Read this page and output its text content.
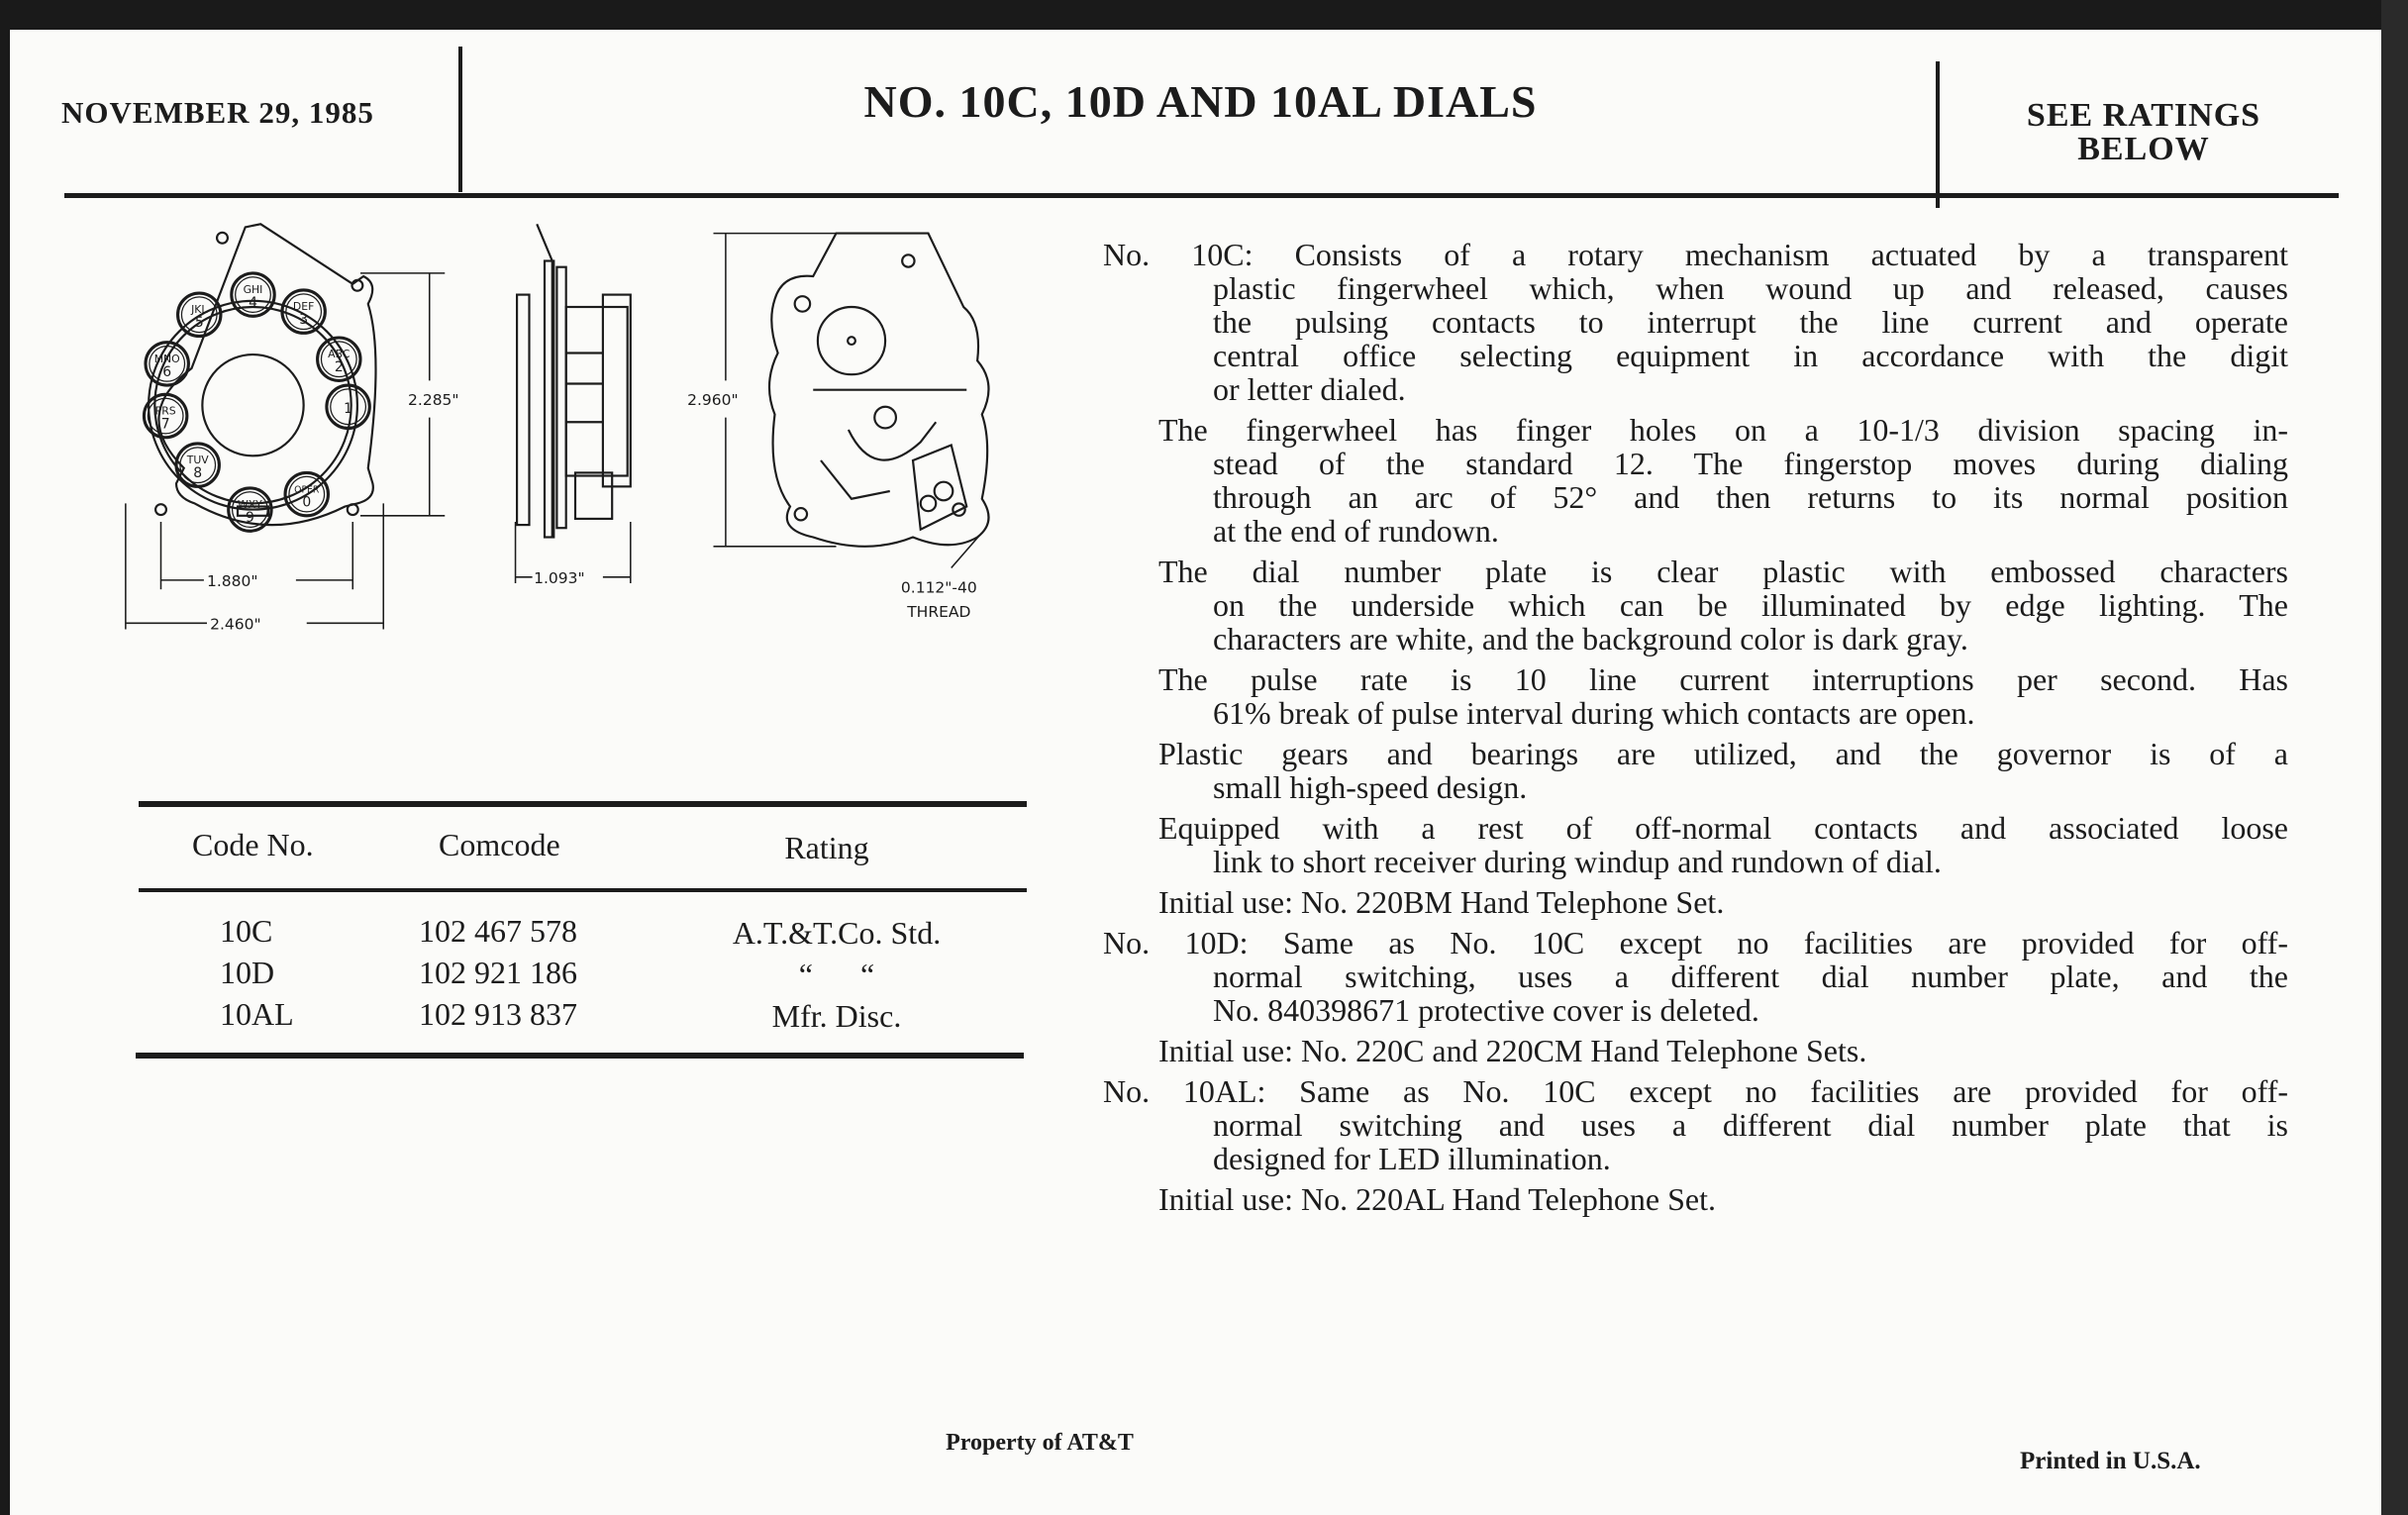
NOVEMBER 29, 1985	NO. 10C, 10D AND 10AL DIALS	SEE RATINGS
BELOW
GHI
4	DEF
3
ABC
2
1
OPER
0
WXY
9
TUV
8
PRS
7
MNO
6
JKL
5
2.285"
1.880"
2.460"
1.093"
2.960"
0.112"-40
THREAD
Code No.	Comcode	Rating
10C	102 467 578	A.T.&T.Co. Std.
10D	102 921 186	“      “
10AL	102 913 837	Mfr. Disc.
No. 10C: Consists of a rotary mechanism actuated by a transparent
plastic fingerwheel which, when wound up and released, causes
the pulsing contacts to interrupt the line current and operate
central office selecting equipment in accordance with the digit
or letter dialed.
The fingerwheel has finger holes on a 10-1/3 division spacing in-
stead of the standard 12. The fingerstop moves during dialing
through an arc of 52° and then returns to its normal position
at the end of rundown.
The dial number plate is clear plastic with embossed characters
on the underside which can be illuminated by edge lighting. The
characters are white, and the background color is dark gray.
The pulse rate is 10 line current interruptions per second. Has
61% break of pulse interval during which contacts are open.
Plastic gears and bearings are utilized, and the governor is of a
small high-speed design.
Equipped with a rest of off-normal contacts and associated loose
link to short receiver during windup and rundown of dial.
Initial use: No. 220BM Hand Telephone Set.
No. 10D: Same as No. 10C except no facilities are provided for off-
normal switching, uses a different dial number plate, and the
No. 840398671 protective cover is deleted.
Initial use: No. 220C and 220CM Hand Telephone Sets.
No. 10AL: Same as No. 10C except no facilities are provided for off-
normal switching and uses a different dial number plate that is
designed for LED illumination.
Initial use: No. 220AL Hand Telephone Set.
Property of AT&T
Printed in U.S.A.
